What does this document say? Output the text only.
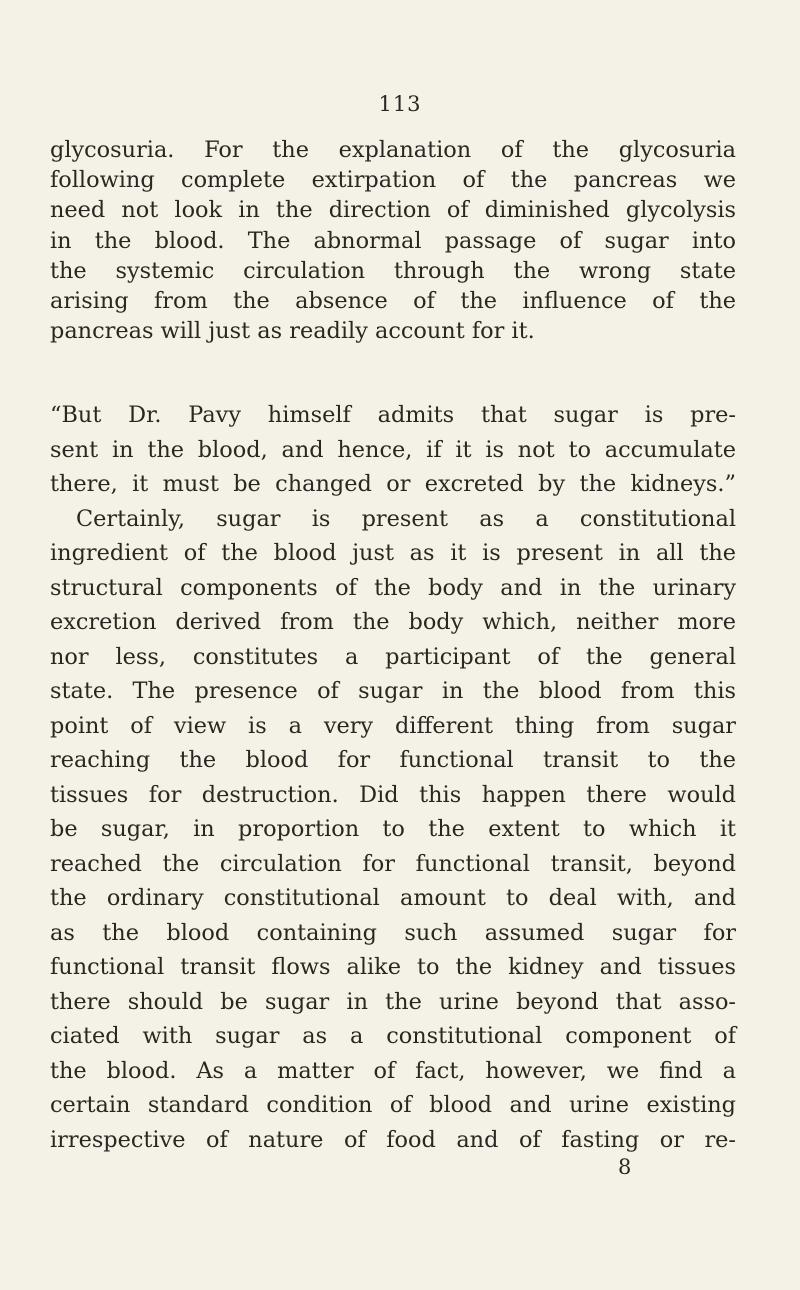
113
glycosuria. For the explanation of the glycosuria
following complete extirpation of the pancreas we
need not look in the direction of diminished glycolysis
in the blood. The abnormal passage of sugar into
the systemic circulation through the wrong state
arising from the absence of the influence of the
pancreas will just as readily account for it.
“But Dr. Pavy himself admits that sugar is pre-
sent in the blood, and hence, if it is not to accumulate
there, it must be changed or excreted by the kidneys.”
Certainly, sugar is present as a constitutional
ingredient of the blood just as it is present in all the
structural components of the body and in the urinary
excretion derived from the body which, neither more
nor less, constitutes a participant of the general
state. The presence of sugar in the blood from this
point of view is a very different thing from sugar
reaching the blood for functional transit to the
tissues for destruction. Did this happen there would
be sugar, in proportion to the extent to which it
reached the circulation for functional transit, beyond
the ordinary constitutional amount to deal with, and
as the blood containing such assumed sugar for
functional transit flows alike to the kidney and tissues
there should be sugar in the urine beyond that asso-
ciated with sugar as a constitutional component of
the blood. As a matter of fact, however, we find a
certain standard condition of blood and urine existing
irrespective of nature of food and of fasting or re-
8
